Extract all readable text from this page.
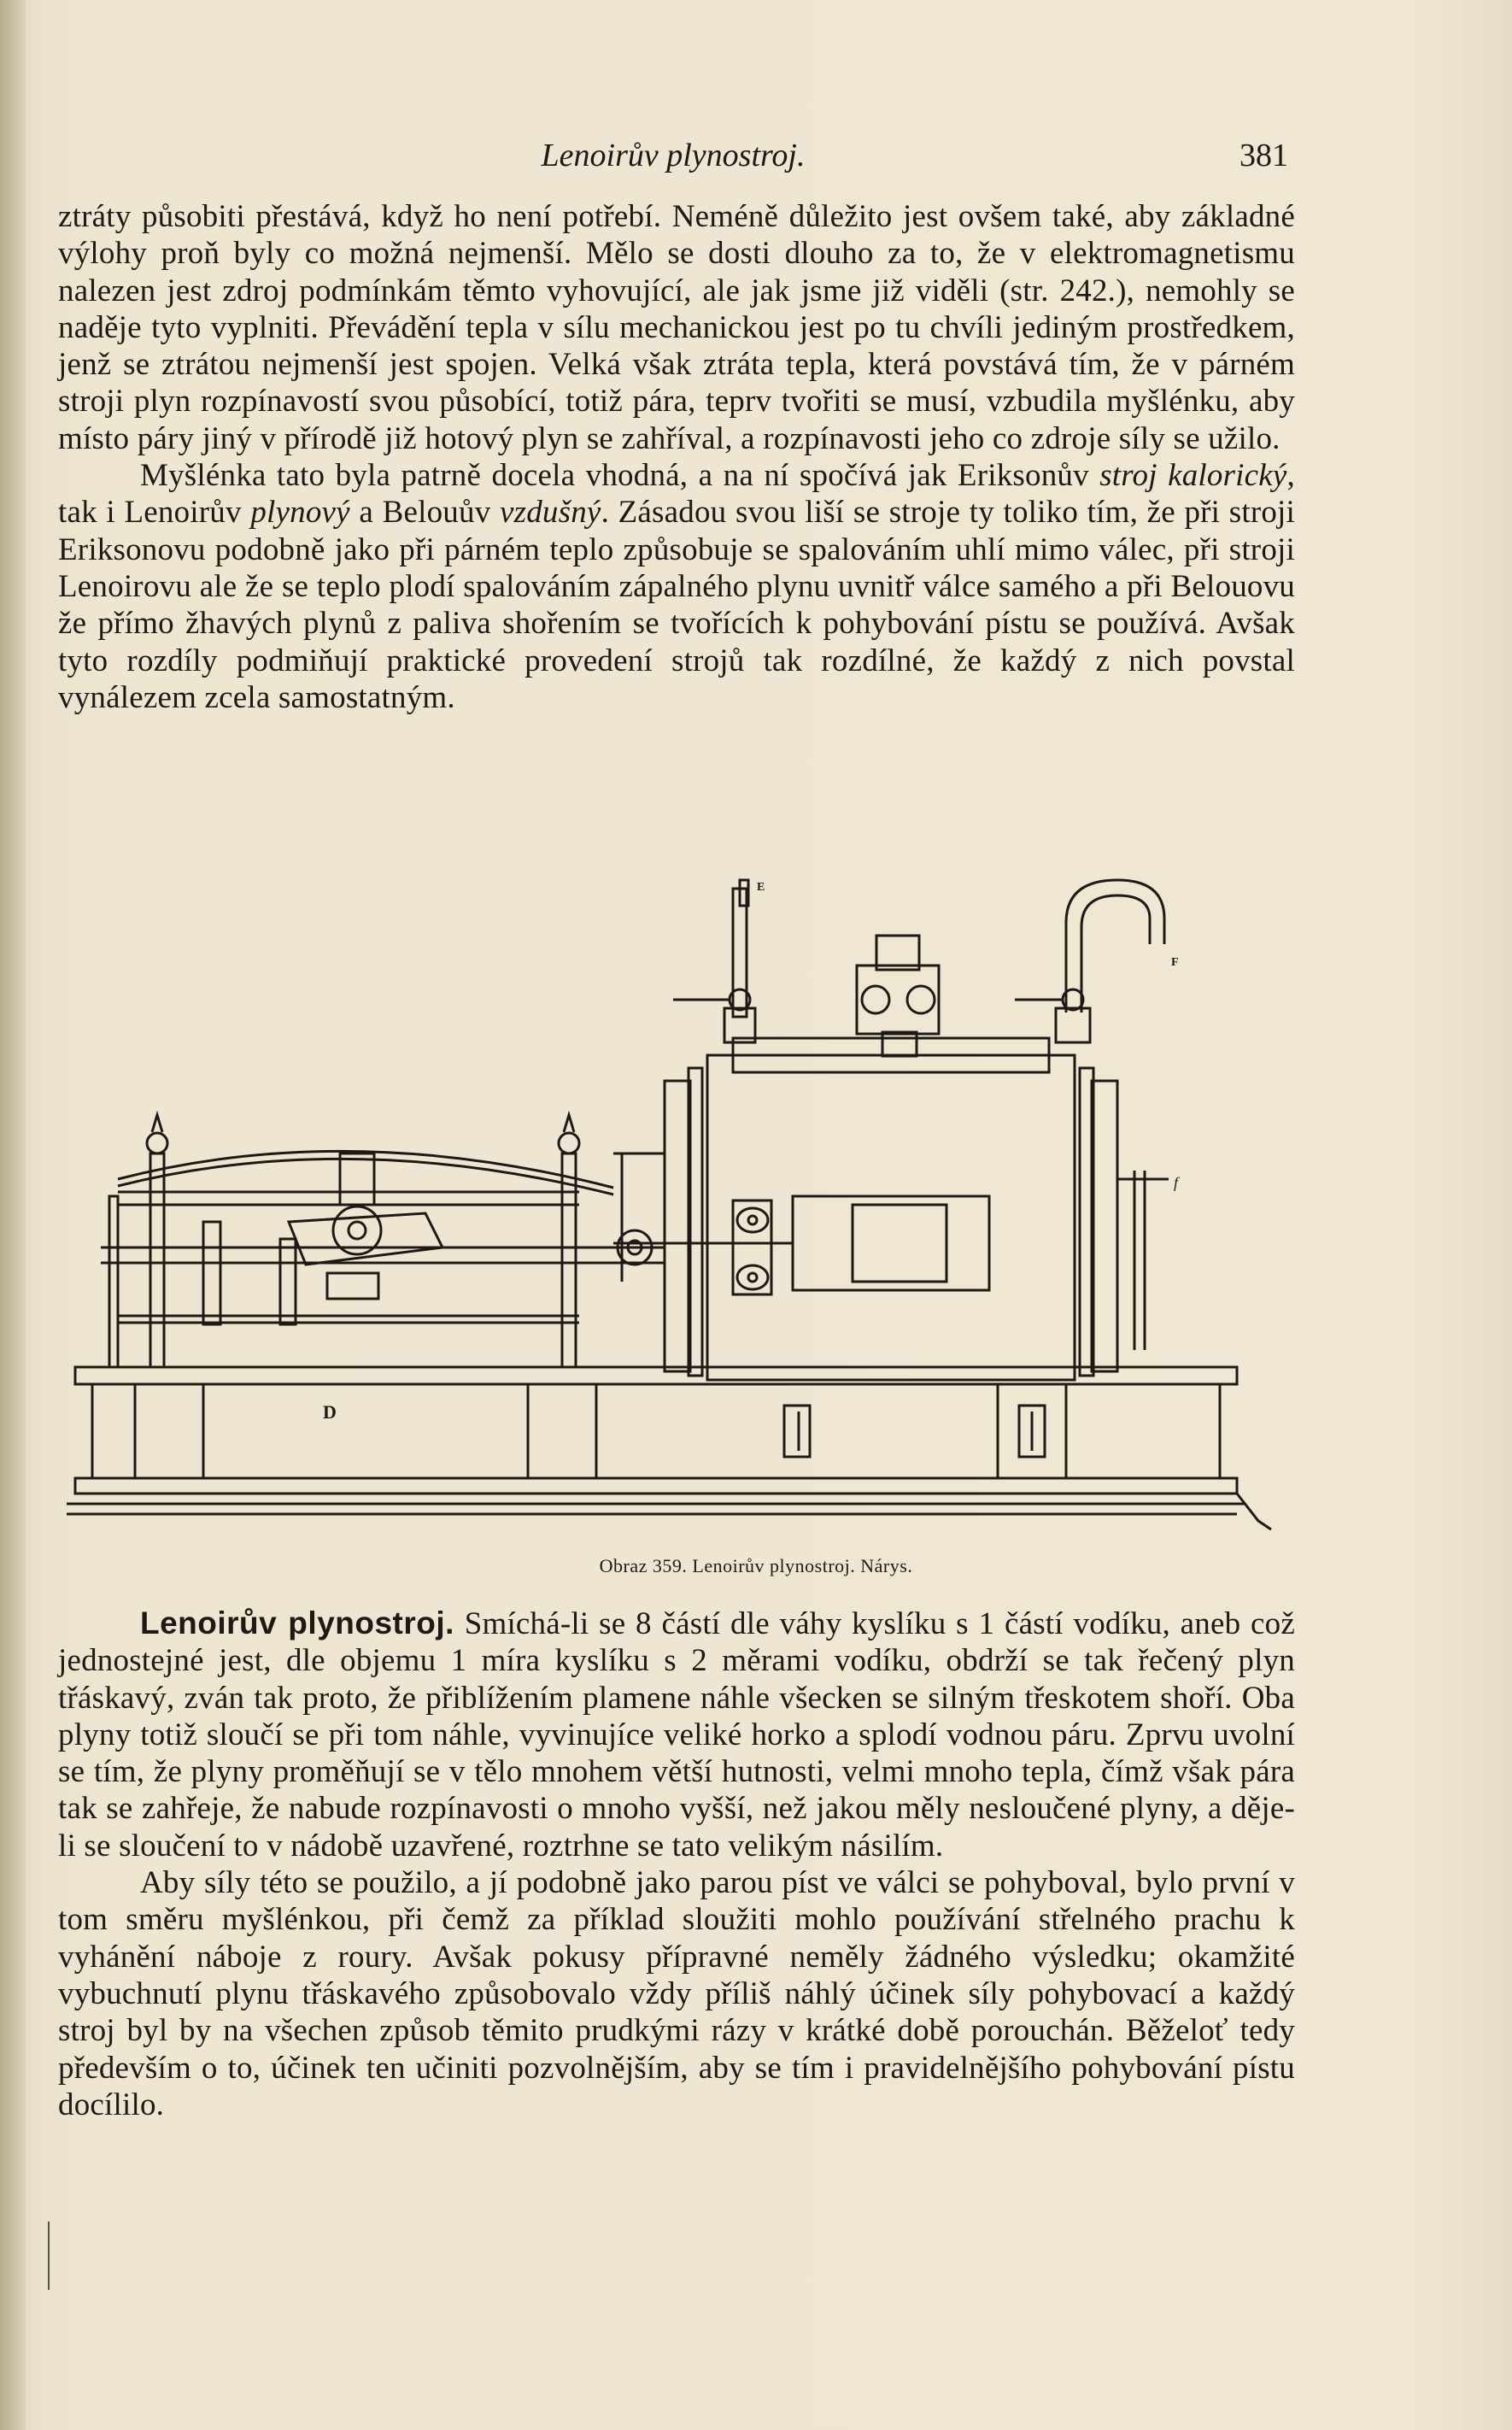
Lenoirův plynostroj.	381

ztráty působiti přestává, když ho není potřebí. Neméně důležito jest ovšem také, aby základné výlohy proň byly co možná nejmenší. Mělo se dosti dlouho za to, že v elektromagnetismu nalezen jest zdroj podmínkám těmto vyhovující, ale jak jsme již viděli (str. 242.), nemohly se naděje tyto vyplniti. Převádění tepla v sílu mechanickou jest po tu chvíli jediným prostředkem, jenž se ztrátou nejmenší jest spojen. Velká však ztráta tepla, která povstává tím, že v párném stroji plyn rozpínavostí svou působící, totiž pára, teprv tvořiti se musí, vzbudila myšlénku, aby místo páry jiný v přírodě již hotový plyn se zahříval, a rozpínavosti jeho co zdroje síly se užilo.

Myšlénka tato byla patrně docela vhodná, a na ní spočívá jak Eriksonův stroj kalorický, tak i Lenoirův plynový a Belouův vzdušný. Zásadou svou liší se stroje ty toliko tím, že při stroji Eriksonovu podobně jako při párném teplo způsobuje se spalováním uhlí mimo válec, při stroji Lenoirovu ale že se teplo plodí spalováním zápalného plynu uvnitř válce samého a při Belouovu že přímo žhavých plynů z paliva shořením se tvořících k pohybování pístu se používá. Avšak tyto rozdíly podmiňují praktické provedení strojů tak rozdílné, že každý z nich povstal vynálezem zcela samostatným.

D
E
F
f
Obraz 359. Lenoirův plynostroj. Nárys.

Lenoirův plynostroj. Smíchá-li se 8 částí dle váhy kyslíku s 1 částí vodíku, aneb což jednostejné jest, dle objemu 1 míra kyslíku s 2 měrami vodíku, obdrží se tak řečený plyn třáskavý, zván tak proto, že přiblížením plamene náhle všecken se silným třeskotem shoří. Oba plyny totiž sloučí se při tom náhle, vyvinujíce veliké horko a splodí vodnou páru. Zprvu uvolní se tím, že plyny proměňují se v tělo mnohem větší hutnosti, velmi mnoho tepla, čímž však pára tak se zahřeje, že nabude rozpínavosti o mnoho vyšší, než jakou měly nesloučené plyny, a děje-li se sloučení to v nádobě uzavřené, roztrhne se tato velikým násilím.

Aby síly této se použilo, a jí podobně jako parou píst ve válci se pohyboval, bylo první v tom směru myšlénkou, při čemž za příklad sloužiti mohlo používání střelného prachu k vyhánění náboje z roury. Avšak pokusy přípravné neměly žádného výsledku; okamžité vybuchnutí plynu třáskavého způsobovalo vždy příliš náhlý účinek síly pohybovací a každý stroj byl by na všechen způsob těmito prudkými rázy v krátké době porouchán. Běželoť tedy především o to, účinek ten učiniti pozvolnějším, aby se tím i pravidelnějšího pohybování pístu docílilo.
